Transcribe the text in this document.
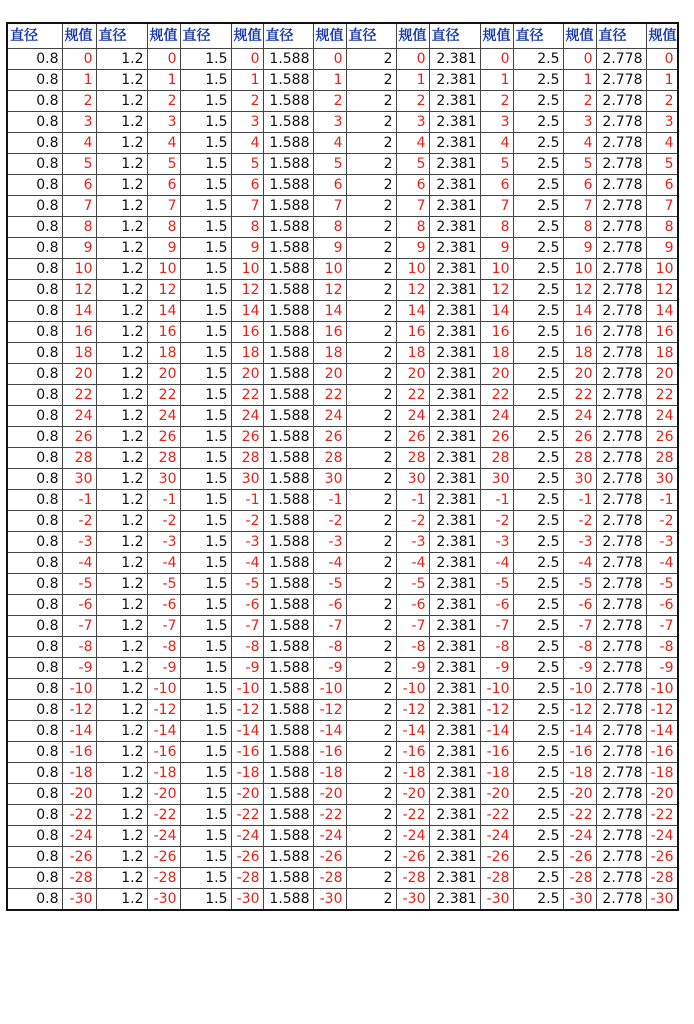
直径	规值	直径	规值	直径	规值	直径	规值	直径	规值	直径	规值	直径	规值	直径	规值
0.8	0	1.2	0	1.5	0	1.588	0	2	0	2.381	0	2.5	0	2.778	0
0.8	1	1.2	1	1.5	1	1.588	1	2	1	2.381	1	2.5	1	2.778	1
0.8	2	1.2	2	1.5	2	1.588	2	2	2	2.381	2	2.5	2	2.778	2
0.8	3	1.2	3	1.5	3	1.588	3	2	3	2.381	3	2.5	3	2.778	3
0.8	4	1.2	4	1.5	4	1.588	4	2	4	2.381	4	2.5	4	2.778	4
0.8	5	1.2	5	1.5	5	1.588	5	2	5	2.381	5	2.5	5	2.778	5
0.8	6	1.2	6	1.5	6	1.588	6	2	6	2.381	6	2.5	6	2.778	6
0.8	7	1.2	7	1.5	7	1.588	7	2	7	2.381	7	2.5	7	2.778	7
0.8	8	1.2	8	1.5	8	1.588	8	2	8	2.381	8	2.5	8	2.778	8
0.8	9	1.2	9	1.5	9	1.588	9	2	9	2.381	9	2.5	9	2.778	9
0.8	10	1.2	10	1.5	10	1.588	10	2	10	2.381	10	2.5	10	2.778	10
0.8	12	1.2	12	1.5	12	1.588	12	2	12	2.381	12	2.5	12	2.778	12
0.8	14	1.2	14	1.5	14	1.588	14	2	14	2.381	14	2.5	14	2.778	14
0.8	16	1.2	16	1.5	16	1.588	16	2	16	2.381	16	2.5	16	2.778	16
0.8	18	1.2	18	1.5	18	1.588	18	2	18	2.381	18	2.5	18	2.778	18
0.8	20	1.2	20	1.5	20	1.588	20	2	20	2.381	20	2.5	20	2.778	20
0.8	22	1.2	22	1.5	22	1.588	22	2	22	2.381	22	2.5	22	2.778	22
0.8	24	1.2	24	1.5	24	1.588	24	2	24	2.381	24	2.5	24	2.778	24
0.8	26	1.2	26	1.5	26	1.588	26	2	26	2.381	26	2.5	26	2.778	26
0.8	28	1.2	28	1.5	28	1.588	28	2	28	2.381	28	2.5	28	2.778	28
0.8	30	1.2	30	1.5	30	1.588	30	2	30	2.381	30	2.5	30	2.778	30
0.8	-1	1.2	-1	1.5	-1	1.588	-1	2	-1	2.381	-1	2.5	-1	2.778	-1
0.8	-2	1.2	-2	1.5	-2	1.588	-2	2	-2	2.381	-2	2.5	-2	2.778	-2
0.8	-3	1.2	-3	1.5	-3	1.588	-3	2	-3	2.381	-3	2.5	-3	2.778	-3
0.8	-4	1.2	-4	1.5	-4	1.588	-4	2	-4	2.381	-4	2.5	-4	2.778	-4
0.8	-5	1.2	-5	1.5	-5	1.588	-5	2	-5	2.381	-5	2.5	-5	2.778	-5
0.8	-6	1.2	-6	1.5	-6	1.588	-6	2	-6	2.381	-6	2.5	-6	2.778	-6
0.8	-7	1.2	-7	1.5	-7	1.588	-7	2	-7	2.381	-7	2.5	-7	2.778	-7
0.8	-8	1.2	-8	1.5	-8	1.588	-8	2	-8	2.381	-8	2.5	-8	2.778	-8
0.8	-9	1.2	-9	1.5	-9	1.588	-9	2	-9	2.381	-9	2.5	-9	2.778	-9
0.8	-10	1.2	-10	1.5	-10	1.588	-10	2	-10	2.381	-10	2.5	-10	2.778	-10
0.8	-12	1.2	-12	1.5	-12	1.588	-12	2	-12	2.381	-12	2.5	-12	2.778	-12
0.8	-14	1.2	-14	1.5	-14	1.588	-14	2	-14	2.381	-14	2.5	-14	2.778	-14
0.8	-16	1.2	-16	1.5	-16	1.588	-16	2	-16	2.381	-16	2.5	-16	2.778	-16
0.8	-18	1.2	-18	1.5	-18	1.588	-18	2	-18	2.381	-18	2.5	-18	2.778	-18
0.8	-20	1.2	-20	1.5	-20	1.588	-20	2	-20	2.381	-20	2.5	-20	2.778	-20
0.8	-22	1.2	-22	1.5	-22	1.588	-22	2	-22	2.381	-22	2.5	-22	2.778	-22
0.8	-24	1.2	-24	1.5	-24	1.588	-24	2	-24	2.381	-24	2.5	-24	2.778	-24
0.8	-26	1.2	-26	1.5	-26	1.588	-26	2	-26	2.381	-26	2.5	-26	2.778	-26
0.8	-28	1.2	-28	1.5	-28	1.588	-28	2	-28	2.381	-28	2.5	-28	2.778	-28
0.8	-30	1.2	-30	1.5	-30	1.588	-30	2	-30	2.381	-30	2.5	-30	2.778	-30
